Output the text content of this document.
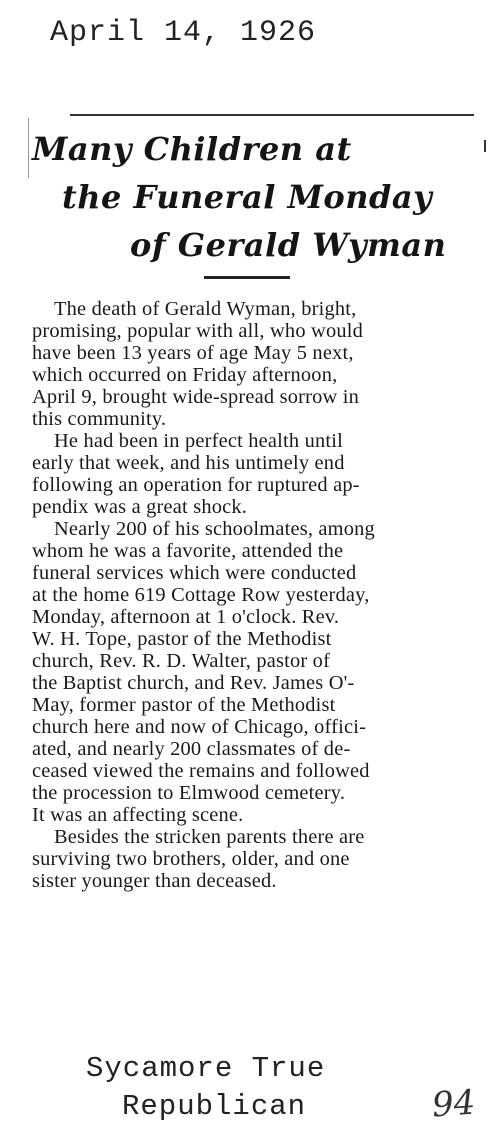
April 14, 1926
Many Children at
the Funeral Monday
of Gerald Wyman
The death of Gerald Wyman, bright,
promising, popular with all, who would
have been 13 years of age May 5 next,
which occurred on Friday afternoon,
April 9, brought wide-spread sorrow in
this community.
He had been in perfect health until
early that week, and his untimely end
following an operation for ruptured ap-
pendix was a great shock.
Nearly 200 of his schoolmates, among
whom he was a favorite, attended the
funeral services which were conducted
at the home 619 Cottage Row yesterday,
Monday, afternoon at 1 o'clock. Rev.
W. H. Tope, pastor of the Methodist
church, Rev. R. D. Walter, pastor of
the Baptist church, and Rev. James O'-
May, former pastor of the Methodist
church here and now of Chicago, offici-
ated, and nearly 200 classmates of de-
ceased viewed the remains and followed
the procession to Elmwood cemetery.
It was an affecting scene.
Besides the stricken parents there are
surviving two brothers, older, and one
sister younger than deceased.
Sycamore True
Republican	94
